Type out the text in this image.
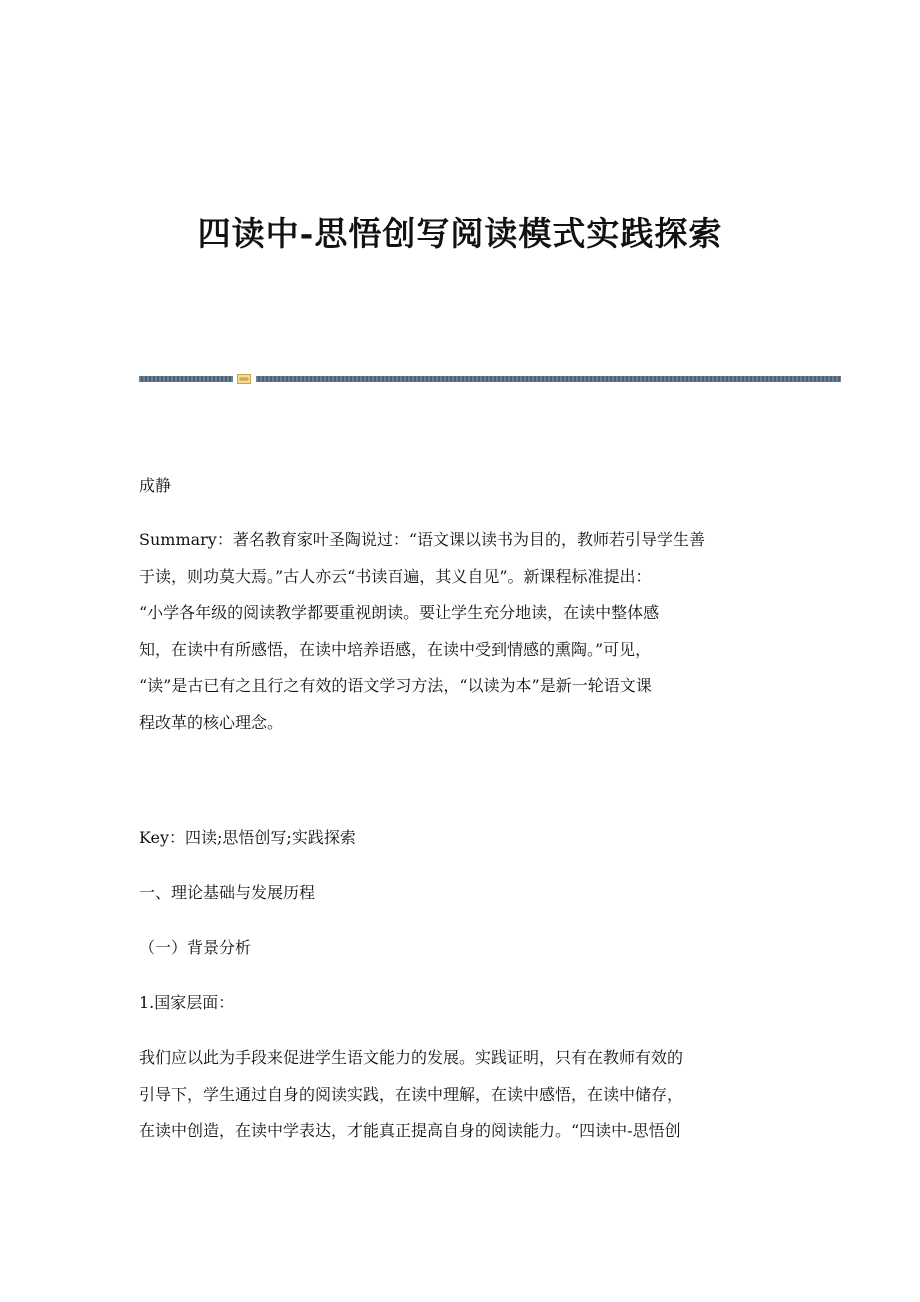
四读中-思悟创写阅读模式实践探索

成静

Summary：著名教育家叶圣陶说过：“语文课以读书为目的，教师若引导学生善
于读，则功莫大焉。”古人亦云“书读百遍，其义自见”。新课程标准提出：
“小学各年级的阅读教学都要重视朗读。要让学生充分地读，在读中整体感
知，在读中有所感悟，在读中培养语感，在读中受到情感的熏陶。”可见，
“读”是古已有之且行之有效的语文学习方法，“以读为本”是新一轮语文课
程改革的核心理念。

Key：四读;思悟创写;实践探索

一、理论基础与发展历程

（一）背景分析

1.国家层面：

我们应以此为手段来促进学生语文能力的发展。实践证明，只有在教师有效的
引导下，学生通过自身的阅读实践，在读中理解，在读中感悟，在读中储存，
在读中创造，在读中学表达，才能真正提高自身的阅读能力。“四读中-思悟创
